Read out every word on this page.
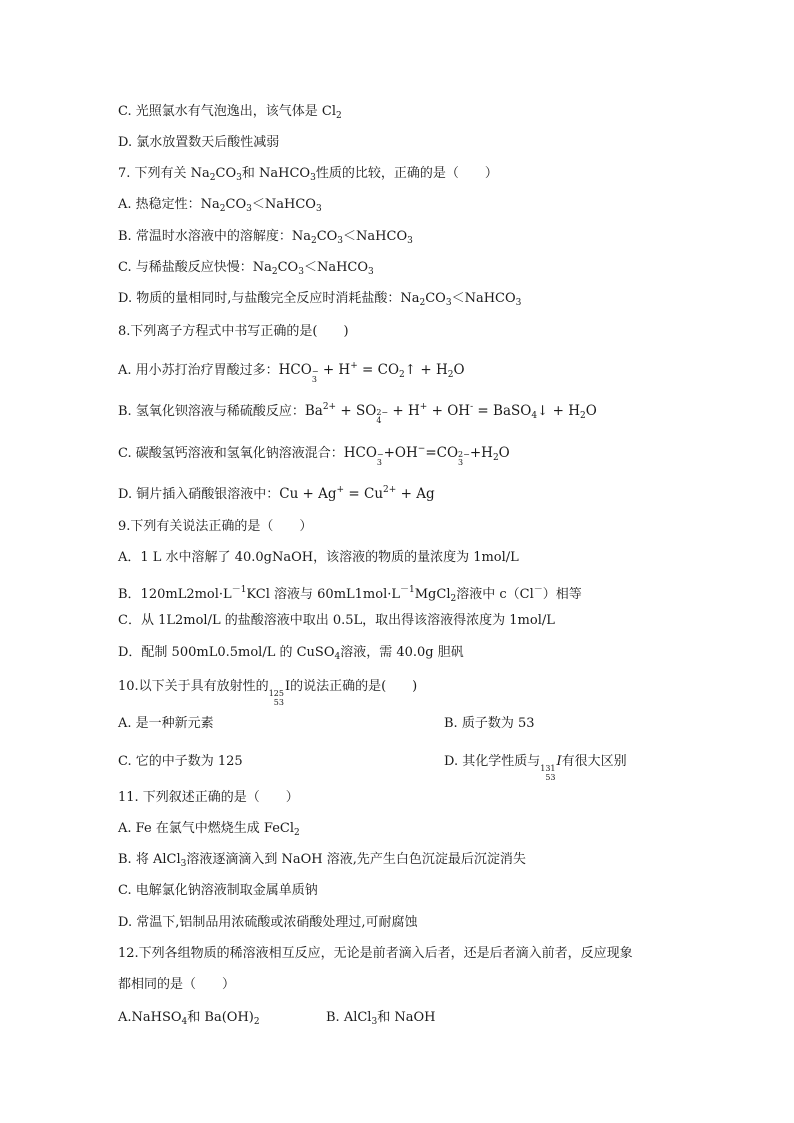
C. 光照氯水有气泡逸出，该气体是 $Cl_2$
D. 氯水放置数天后酸性减弱
7. 下列有关 $Na_2CO_3$和 NaHCO$_3$性质的比较，正确的是（　　）
A. 热稳定性：$Na_2CO_3<NaHCO_3$
B. 常温时水溶液中的溶解度：$Na_2CO_3<NaHCO_3$
C. 与稀盐酸反应快慢：$Na_2CO_3<NaHCO_3$
D. 物质的量相同时,与盐酸完全反应时消耗盐酸：$Na_2CO_3<NaHCO_3$
8.下列离子方程式中书写正确的是(　　)
A. 用小苏打治疗胃酸过多：HCO −
3
+ $H^+ = CO_2↑ + H_2O$
B. 氢氧化钡溶液与稀硫酸反应：$Ba^{2+}$ + SO 2−
4
+ H+ + OH- = BaSO$_4$↓ + $H_2O$
C. 碳酸氢钙溶液和氢氧化钠溶液混合：HCO −
3
+OH−=CO 2−
3
$+H_2O$
D. 铜片插入硝酸银溶液中：$Cu + Ag^+ = Cu^{2+} + Ag$
9.下列有关说法正确的是（　　）
A．1 L 水中溶解了 40.0gNaOH，该溶液的物质的量浓度为 1mol/L
B．$120mL2mol\cdot L^{-1}KCl$ 溶液与 $60mL1mol\cdot L^{-1}MgCl_2$溶液中 c（Cl－）相等
C．从 1L2mol/L 的盐酸溶液中取出 0.5L，取出得该溶液得浓度为 1mol/L
D．配制 500mL0.5mol/L 的 CuSO$_4$溶液，需 40.0g 胆矾
10.以下关于具有放射性的 125
53
I的说法正确的是(　　)
A. 是一种新元素	B. 质子数为 53
C. 它的中子数为 125	D. 其化学性质与 131
53
I有很大区别
11. 下列叙述正确的是（　　）
A. Fe 在氯气中燃烧生成 FeCl$_2$
B. 将 AlCl$_3$溶液逐滴滴入到 NaOH 溶液,先产生白色沉淀最后沉淀消失
C. 电解氯化钠溶液制取金属单质钠
D. 常温下,铝制品用浓硫酸或浓硝酸处理过,可耐腐蚀
12.下列各组物质的稀溶液相互反应，无论是前者滴入后者，还是后者滴入前者，反应现象
都相同的是（　　）
A.NaHSO$_4$和 $Ba(OH)_2$	B. AlCl$_3$和 NaOH
